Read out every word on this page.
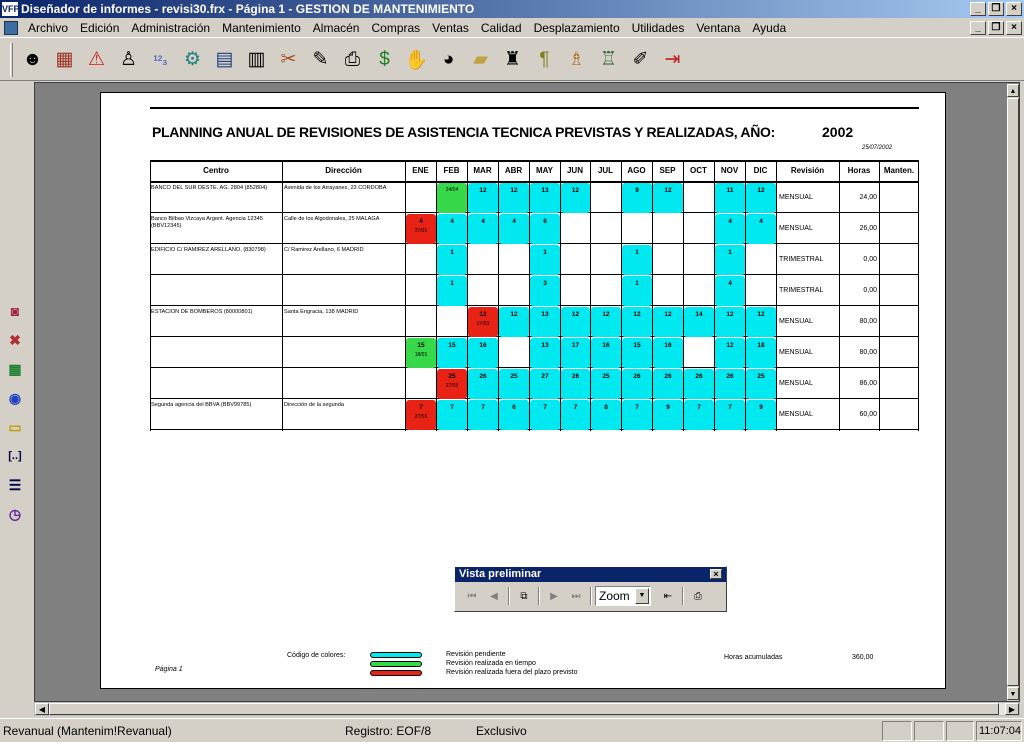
VFP Diseñador de informes - revisi30.frx - Página 1 - GESTION DE MANTENIMIENTO	_	❐	×
Archivo	Edición	Administración	Mantenimiento	Almacén	Compras	Ventas	Calidad	Desplazamiento	Utilidades	Ventana	Ayuda	_	❐	×
☻ ▦ ⚠ ♙	¹²₃ ⚙ ▤ ▥ ✂ ✎ ⎙	$ ✋ ◕ ▰ ♜ ¶ ♗ ♖ ✐ ⇥
◙
✖
▦
◉
▭
[..]
☰
◷
▲
▼
◀	▶
PLANNING ANUAL DE REVISIONES DE ASISTENCIA TECNICA PREVISTAS Y REALIZADAS, AÑO:	2002
25/07/2002
Centro	Dirección	ENE	FEB	MAR	ABR	MAY	JUN	JUL	AGO	SEP	OCT	NOV	DIC	Revisión	Horas	Manten.
BANCO DEL SUR DESTE. AG. 2804 (852804)	Avenida de los Arrayanes, 23 CORDOBA	24/04	12	12	13	12	9	12	11	12
MENSUAL	24,00
Banco Bilbao Vizcaya Argent. Agencia 12345 (BBV12345)
Calle de los Algodonales, 25 MALAGA	4
27/01
4	4	4	6	4	4
MENSUAL	26,00
EDIFICIO C/ RAMIREZ ARELLANO, (830798)	C/ Ramirez Arellano, 6 MADRID	1	1	1	1
TRIMESTRAL	0,00
1	3	1	4
TRIMESTRAL	0,00
ESTACION DE BOMBEROS (80000801)	Santa Engracia, 138 MADRID	12
27/03
12	13	12	12	12	12	14	12	12
MENSUAL	80,00
15
18/01
15	16	13	17	16	15	16	12	18
MENSUAL	80,00
25
27/03
26	25	27	26	25	26	26	26	26	25
MENSUAL	86,00
Segunda agencia del BBVA (BBV99785)	Dirección de la segunda	7
27/01
7	7	6	7	7	8	7	9	7	7	9
MENSUAL	60,00
Código de colores:	Revisión pendiente
Revisión realizada en tiempo
Revisión realizada fuera del plazo previsto
Horas acumuladas	360,00
Página 1
Vista preliminar	×
⏮	◀	⧉	▶	⏭	Zoom	▼	⇤	⎙
Revanual (Mantenim!Revanual)	Registro: EOF/8	Exclusivo	11:07:04
